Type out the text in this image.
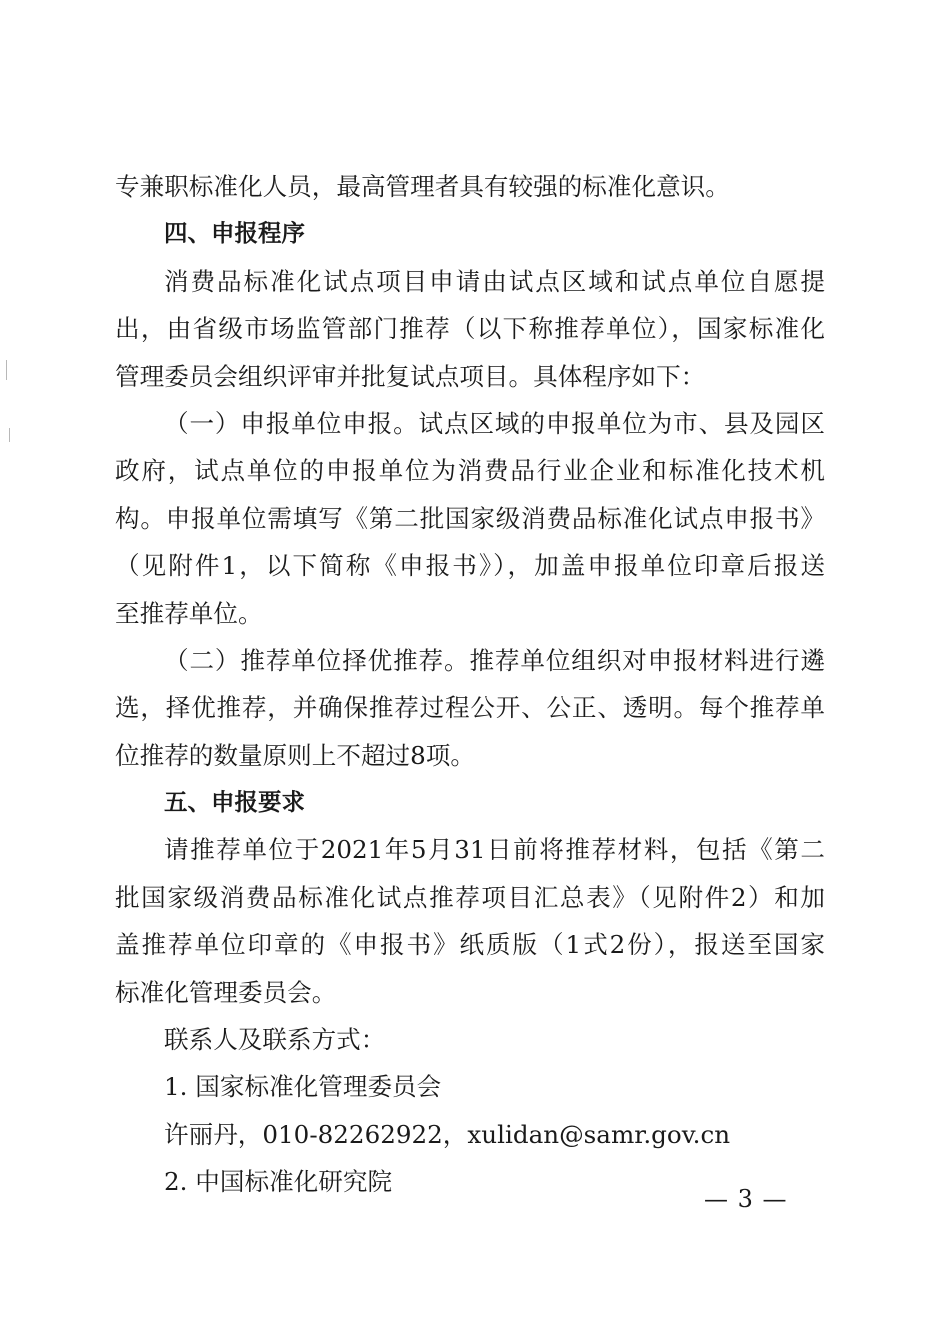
专兼职标准化人员，最高管理者具有较强的标准化意识。
四、申报程序
消费品标准化试点项目申请由试点区域和试点单位自愿提
出，由省级市场监管部门推荐（以下称推荐单位），国家标准化
管理委员会组织评审并批复试点项目。具体程序如下：
（一）申报单位申报。试点区域的申报单位为市、县及园区
政府，试点单位的申报单位为消费品行业企业和标准化技术机
构。申报单位需填写《第二批国家级消费品标准化试点申报书》
（见附件1，以下简称《申报书》），加盖申报单位印章后报送
至推荐单位。
（二）推荐单位择优推荐。推荐单位组织对申报材料进行遴
选，择优推荐，并确保推荐过程公开、公正、透明。每个推荐单
位推荐的数量原则上不超过8项。
五、申报要求
请推荐单位于2021年5月31日前将推荐材料，包括《第二
批国家级消费品标准化试点推荐项目汇总表》（见附件2）和加
盖推荐单位印章的《申报书》纸质版（1式2份），报送至国家
标准化管理委员会。
联系人及联系方式：
1. 国家标准化管理委员会
许丽丹，010-82262922，xulidan@samr.gov.cn
2. 中国标准化研究院
— 3 —
